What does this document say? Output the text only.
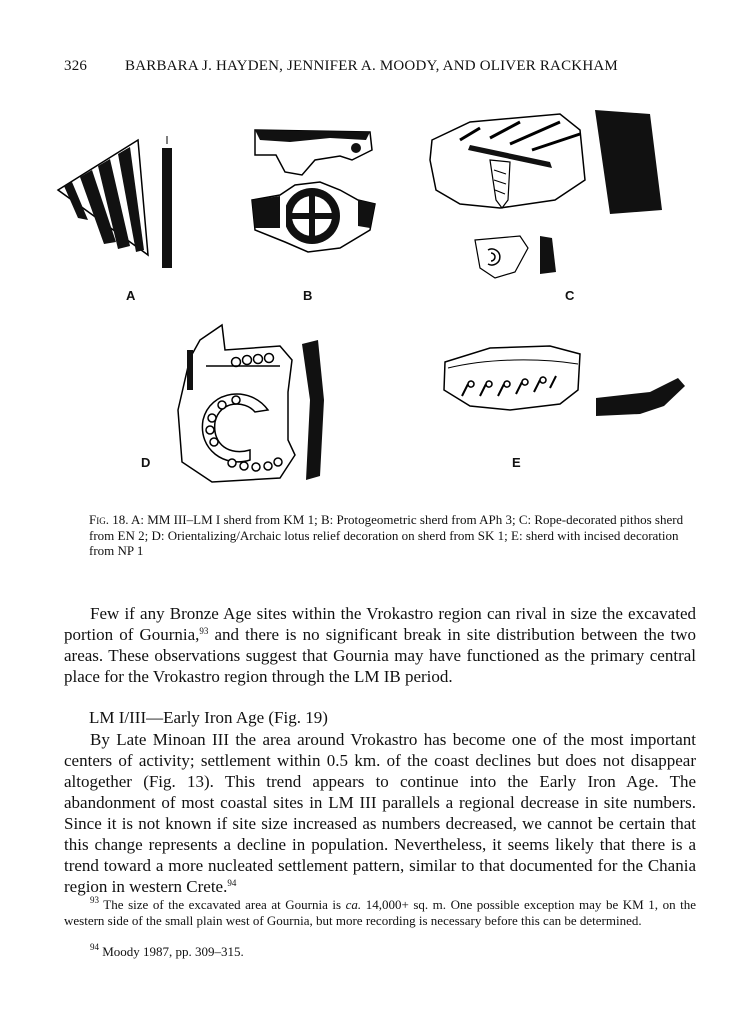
326	BARBARA J. HAYDEN, JENNIFER A. MOODY, AND OLIVER RACKHAM
A	B	C
D	E
Fig. 18. A: MM III–LM I sherd from KM 1; B: Protogeometric sherd from APh 3; C: Rope-decorated pithos sherd from EN 2; D: Orientalizing/Archaic lotus relief decoration on sherd from SK 1; E: sherd with incised decoration from NP 1
Few if any Bronze Age sites within the Vrokastro region can rival in size the excavated portion of Gournia,$^{93}$ and there is no significant break in site distribution between the two areas. These observations suggest that Gournia may have functioned as the primary central place for the Vrokastro region through the LM IB period.
LM I/III—Early Iron Age (Fig. 19)
By Late Minoan III the area around Vrokastro has become one of the most important centers of activity; settlement within 0.5 km. of the coast declines but does not disappear altogether (Fig. 13). This trend appears to continue into the Early Iron Age. The abandonment of most coastal sites in LM III parallels a regional decrease in site numbers. Since it is not known if site size increased as numbers decreased, we cannot be certain that this change represents a decline in population. Nevertheless, it seems likely that there is a trend toward a more nucleated settlement pattern, similar to that documented for the Chania region in western Crete.$^{94}$
$^{93}$ The size of the excavated area at Gournia is ca. 14,000+ sq. m. One possible exception may be KM 1, on the western side of the small plain west of Gournia, but more recording is necessary before this can be determined.
$^{94}$ Moody 1987, pp. 309–315.
